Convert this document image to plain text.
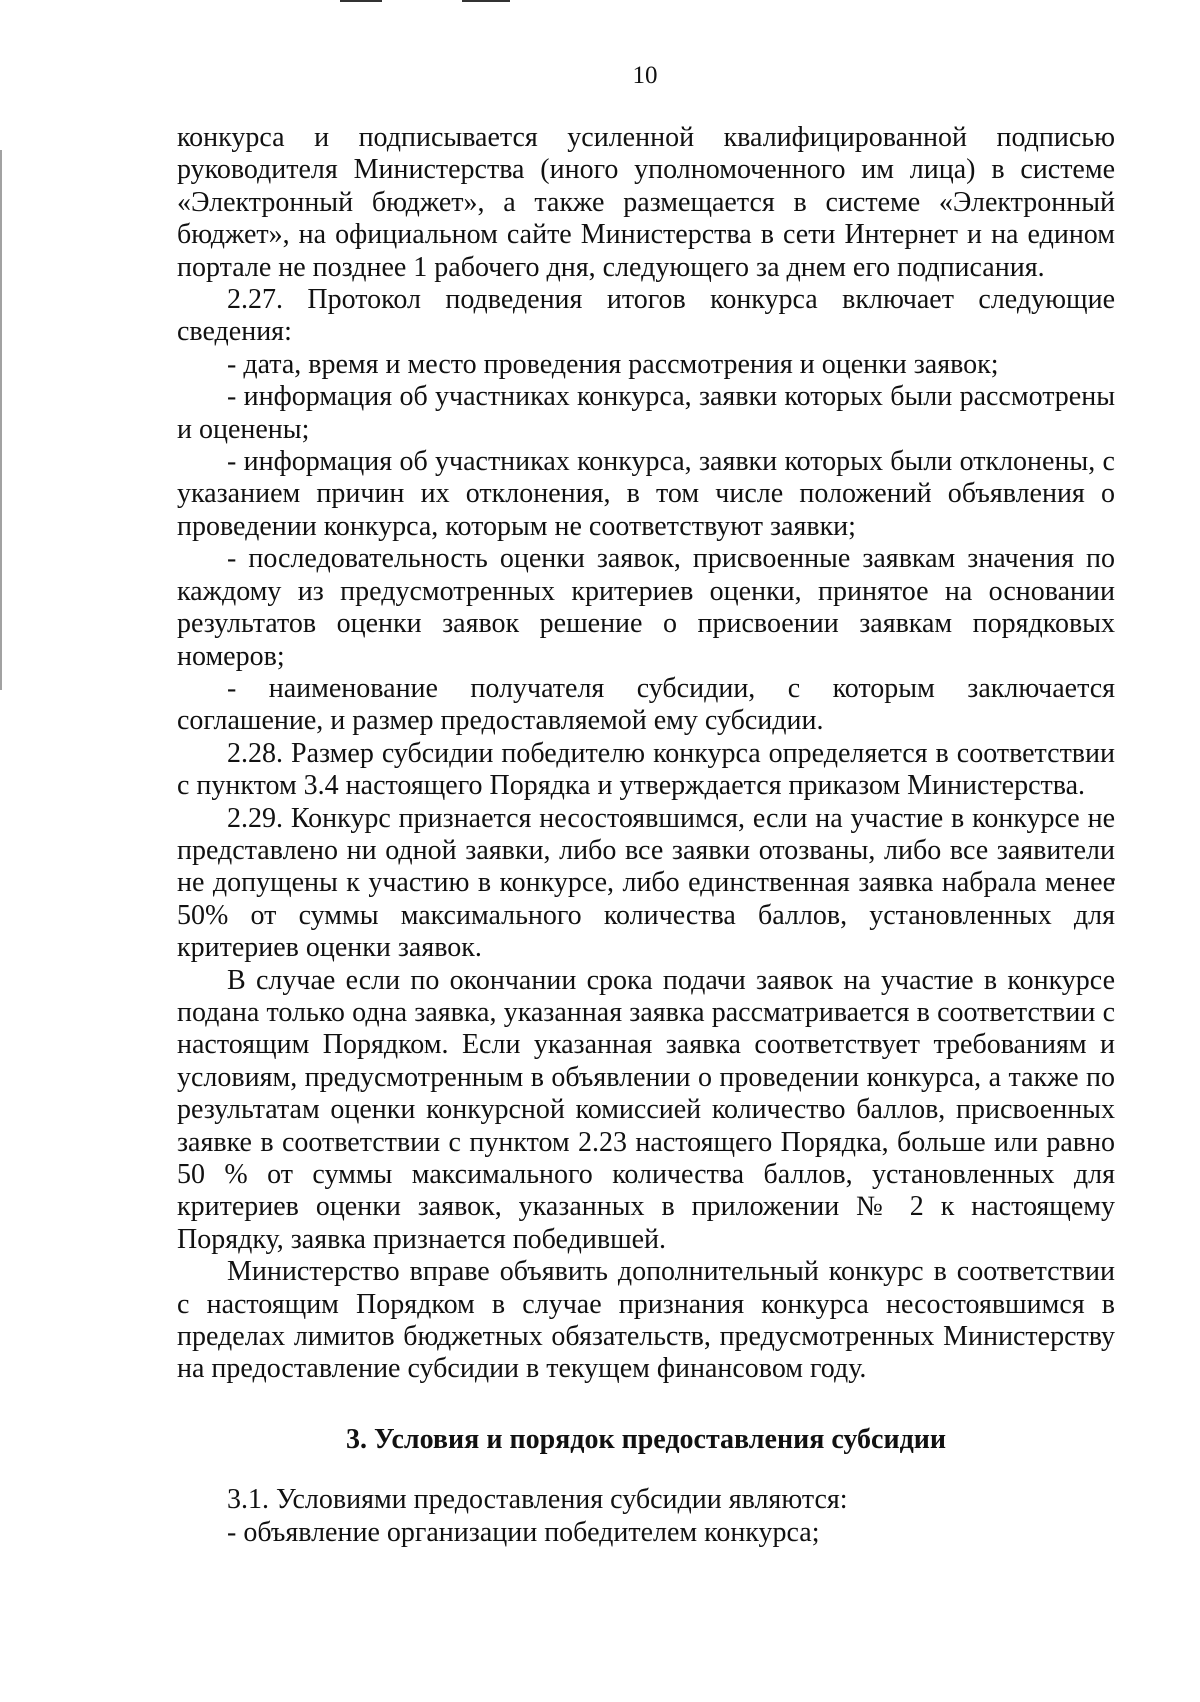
10

конкурса и подписывается усиленной квалифицированной подписью руководителя Министерства (иного уполномоченного им лица) в системе «Электронный бюджет», а также размещается в системе «Электронный бюджет», на официальном сайте Министерства в сети Интернет и на едином портале не позднее 1 рабочего дня, следующего за днем его подписания.

2.27. Протокол подведения итогов конкурса включает следующие сведения:

- дата, время и место проведения рассмотрения и оценки заявок;

- информация об участниках конкурса, заявки которых были рассмотрены и оценены;

- информация об участниках конкурса, заявки которых были отклонены, с указанием причин их отклонения, в том числе положений объявления о проведении конкурса, которым не соответствуют заявки;

- последовательность оценки заявок, присвоенные заявкам значения по каждому из предусмотренных критериев оценки, принятое на основании результатов оценки заявок решение о присвоении заявкам порядковых номеров;

- наименование получателя субсидии, с которым заключается соглашение, и размер предоставляемой ему субсидии.

2.28. Размер субсидии победителю конкурса определяется в соответствии с пунктом 3.4 настоящего Порядка и утверждается приказом Министерства.

2.29. Конкурс признается несостоявшимся, если на участие в конкурсе не представлено ни одной заявки, либо все заявки отозваны, либо все заявители не допущены к участию в конкурсе, либо единственная заявка набрала менее 50% от суммы максимального количества баллов, установленных для критериев оценки заявок.

В случае если по окончании срока подачи заявок на участие в конкурсе подана только одна заявка, указанная заявка рассматривается в соответствии с настоящим Порядком. Если указанная заявка соответствует требованиям и условиям, предусмотренным в объявлении о проведении конкурса, а также по результатам оценки конкурсной комиссией количество баллов, присвоенных заявке в соответствии с пунктом 2.23 настоящего Порядка, больше или равно 50 % от суммы максимального количества баллов, установленных для критериев оценки заявок, указанных в приложении № 2 к настоящему Порядку, заявка признается победившей.

Министерство вправе объявить дополнительный конкурс в соответствии с настоящим Порядком в случае признания конкурса несостоявшимся в пределах лимитов бюджетных обязательств, предусмотренных Министерству на предоставление субсидии в текущем финансовом году.

3. Условия и порядок предоставления субсидии

3.1. Условиями предоставления субсидии являются:

- объявление организации победителем конкурса;
